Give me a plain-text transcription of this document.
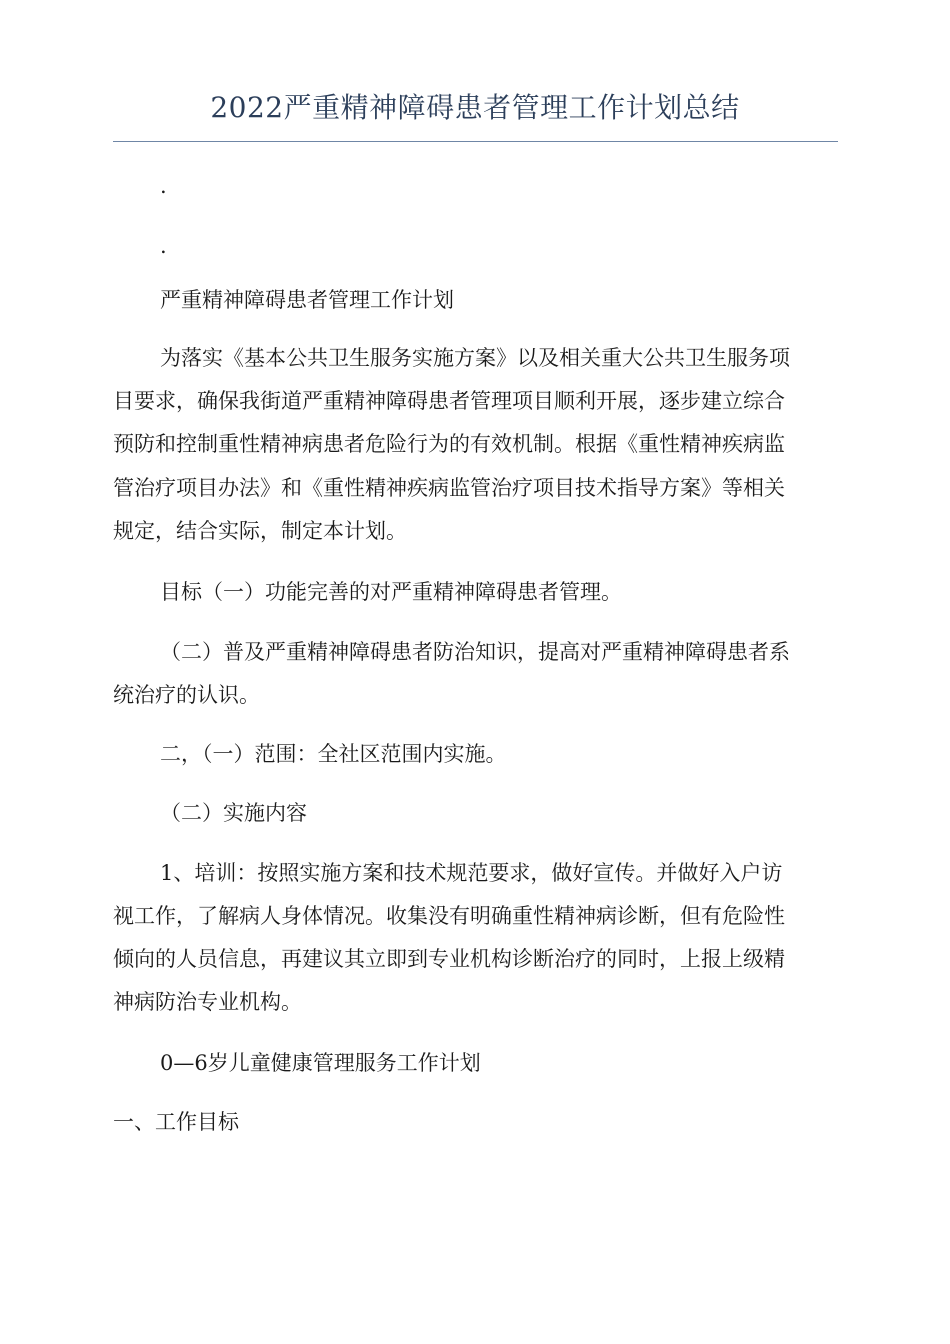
2022严重精神障碍患者管理工作计划总结
.
.
严重精神障碍患者管理工作计划
为落实《基本公共卫生服务实施方案》以及相关重大公共卫生服务项
目要求，确保我街道严重精神障碍患者管理项目顺利开展，逐步建立综合
预防和控制重性精神病患者危险行为的有效机制。根据《重性精神疾病监
管治疗项目办法》和《重性精神疾病监管治疗项目技术指导方案》等相关
规定，结合实际，制定本计划。
目标（一）功能完善的对严重精神障碍患者管理。
（二）普及严重精神障碍患者防治知识，提高对严重精神障碍患者系
统治疗的认识。
二，（一）范围：全社区范围内实施。
（二）实施内容
1、培训：按照实施方案和技术规范要求，做好宣传。并做好入户访
视工作，了解病人身体情况。收集没有明确重性精神病诊断，但有危险性
倾向的人员信息，再建议其立即到专业机构诊断治疗的同时，上报上级精
神病防治专业机构。
0—6岁儿童健康管理服务工作计划
一、工作目标
